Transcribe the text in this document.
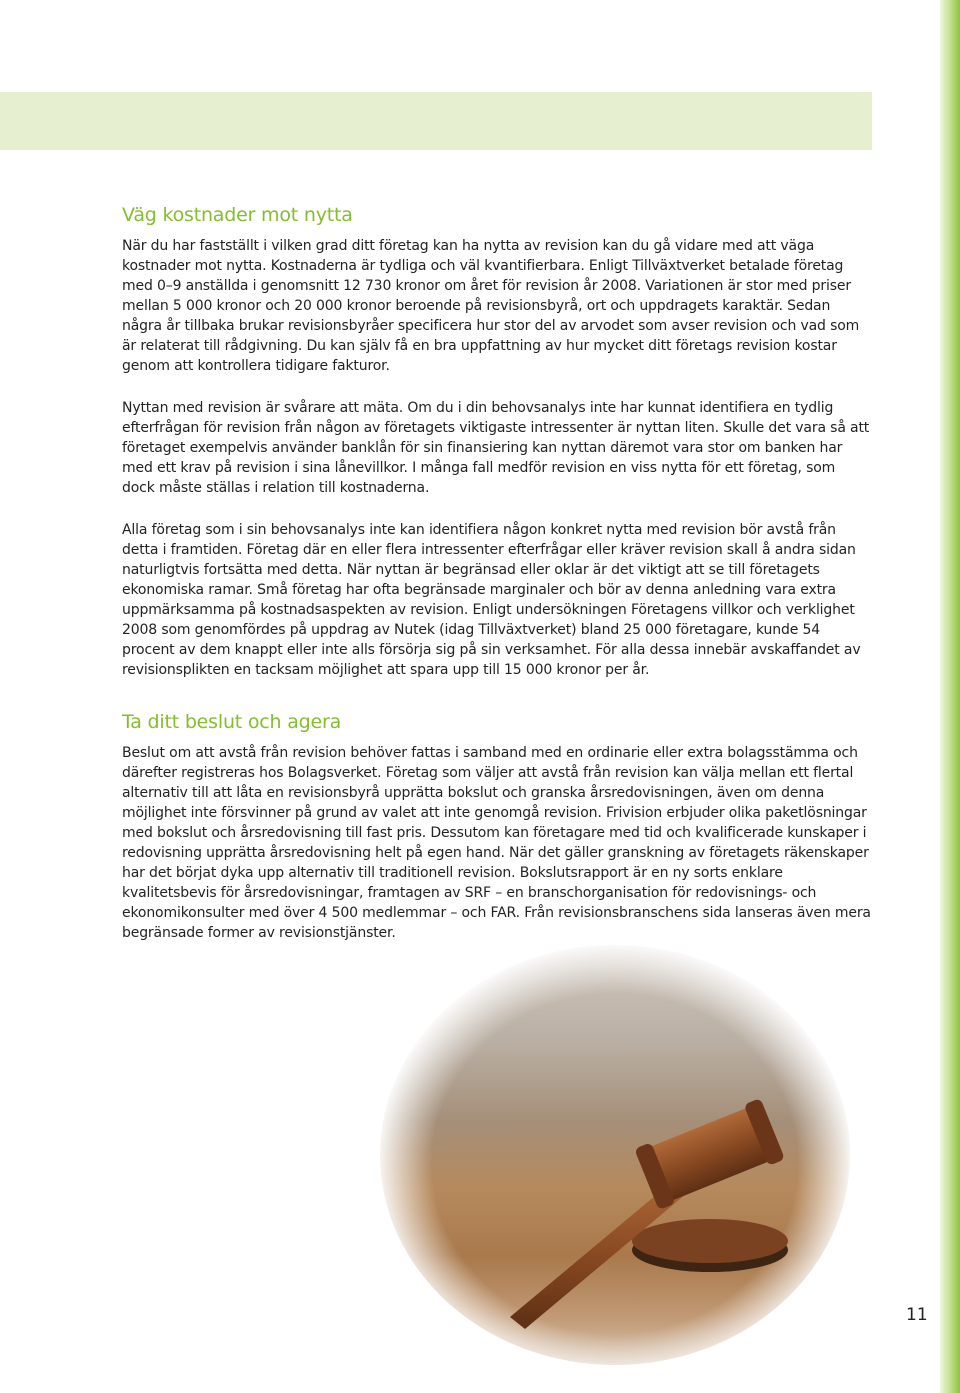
Väg kostnader mot nytta

När du har fastställt i vilken grad ditt företag kan ha nytta av revision kan du gå vidare med att väga kostnader mot nytta. Kostnaderna är tydliga och väl kvantifierbara. Enligt Tillväxtverket betalade företag med 0–9 anställda i genomsnitt 12 730 kronor om året för revision år 2008. Variationen är stor med priser mellan 5 000 kronor och 20 000 kronor beroende på revisionsbyrå, ort och uppdragets karaktär. Sedan några år tillbaka brukar revisionsbyråer specificera hur stor del av arvodet som avser revision och vad som är relaterat till rådgivning. Du kan själv få en bra uppfattning av hur mycket ditt företags revision kostar genom att kontrollera tidigare fakturor.

Nyttan med revision är svårare att mäta. Om du i din behovsanalys inte har kunnat identifiera en tydlig efterfrågan för revision från någon av företagets viktigaste intressenter är nyttan liten. Skulle det vara så att företaget exempelvis använder banklån för sin finansiering kan nyttan däremot vara stor om banken har med ett krav på revision i sina lånevillkor. I många fall medför revision en viss nytta för ett företag, som dock måste ställas i relation till kostnaderna.

Alla företag som i sin behovsanalys inte kan identifiera någon konkret nytta med revision bör avstå från detta i framtiden. Företag där en eller flera intressenter efterfrågar eller kräver revision skall å andra sidan naturligtvis fortsätta med detta. När nyttan är begränsad eller oklar är det viktigt att se till företagets ekonomiska ramar. Små företag har ofta begränsade marginaler och bör av denna anledning vara extra uppmärksamma på kostnadsaspekten av revision. Enligt undersökningen Företagens villkor och verklighet 2008 som genomfördes på uppdrag av Nutek (idag Tillväxtverket) bland 25 000 företagare, kunde 54 procent av dem knappt eller inte alls försörja sig på sin verksamhet. För alla dessa innebär avskaffandet av revisionsplikten en tacksam möjlighet att spara upp till 15 000 kronor per år.

Ta ditt beslut och agera

Beslut om att avstå från revision behöver fattas i samband med en ordinarie eller extra bolagsstämma och därefter registreras hos Bolagsverket. Företag som väljer att avstå från revision kan välja mellan ett flertal alternativ till att låta en revisionsbyrå upprätta bokslut och granska årsredovisningen, även om denna möjlighet inte försvinner på grund av valet att inte genomgå revision. Frivision erbjuder olika paketlösningar med bokslut och årsredovisning till fast pris. Dessutom kan företagare med tid och kvalificerade kunskaper i redovisning upprätta årsredovisning helt på egen hand. När det gäller granskning av företagets räkenskaper har det börjat dyka upp alternativ till traditionell revision. Bokslutsrapport är en ny sorts enklare kvalitetsbevis för årsredovisningar, framtagen av SRF – en branschorganisation för redovisnings- och ekonomikonsulter med över 4 500 medlemmar – och FAR. Från revisionsbranschens sida lanseras även mera begränsade former av revisionstjänster.

11
